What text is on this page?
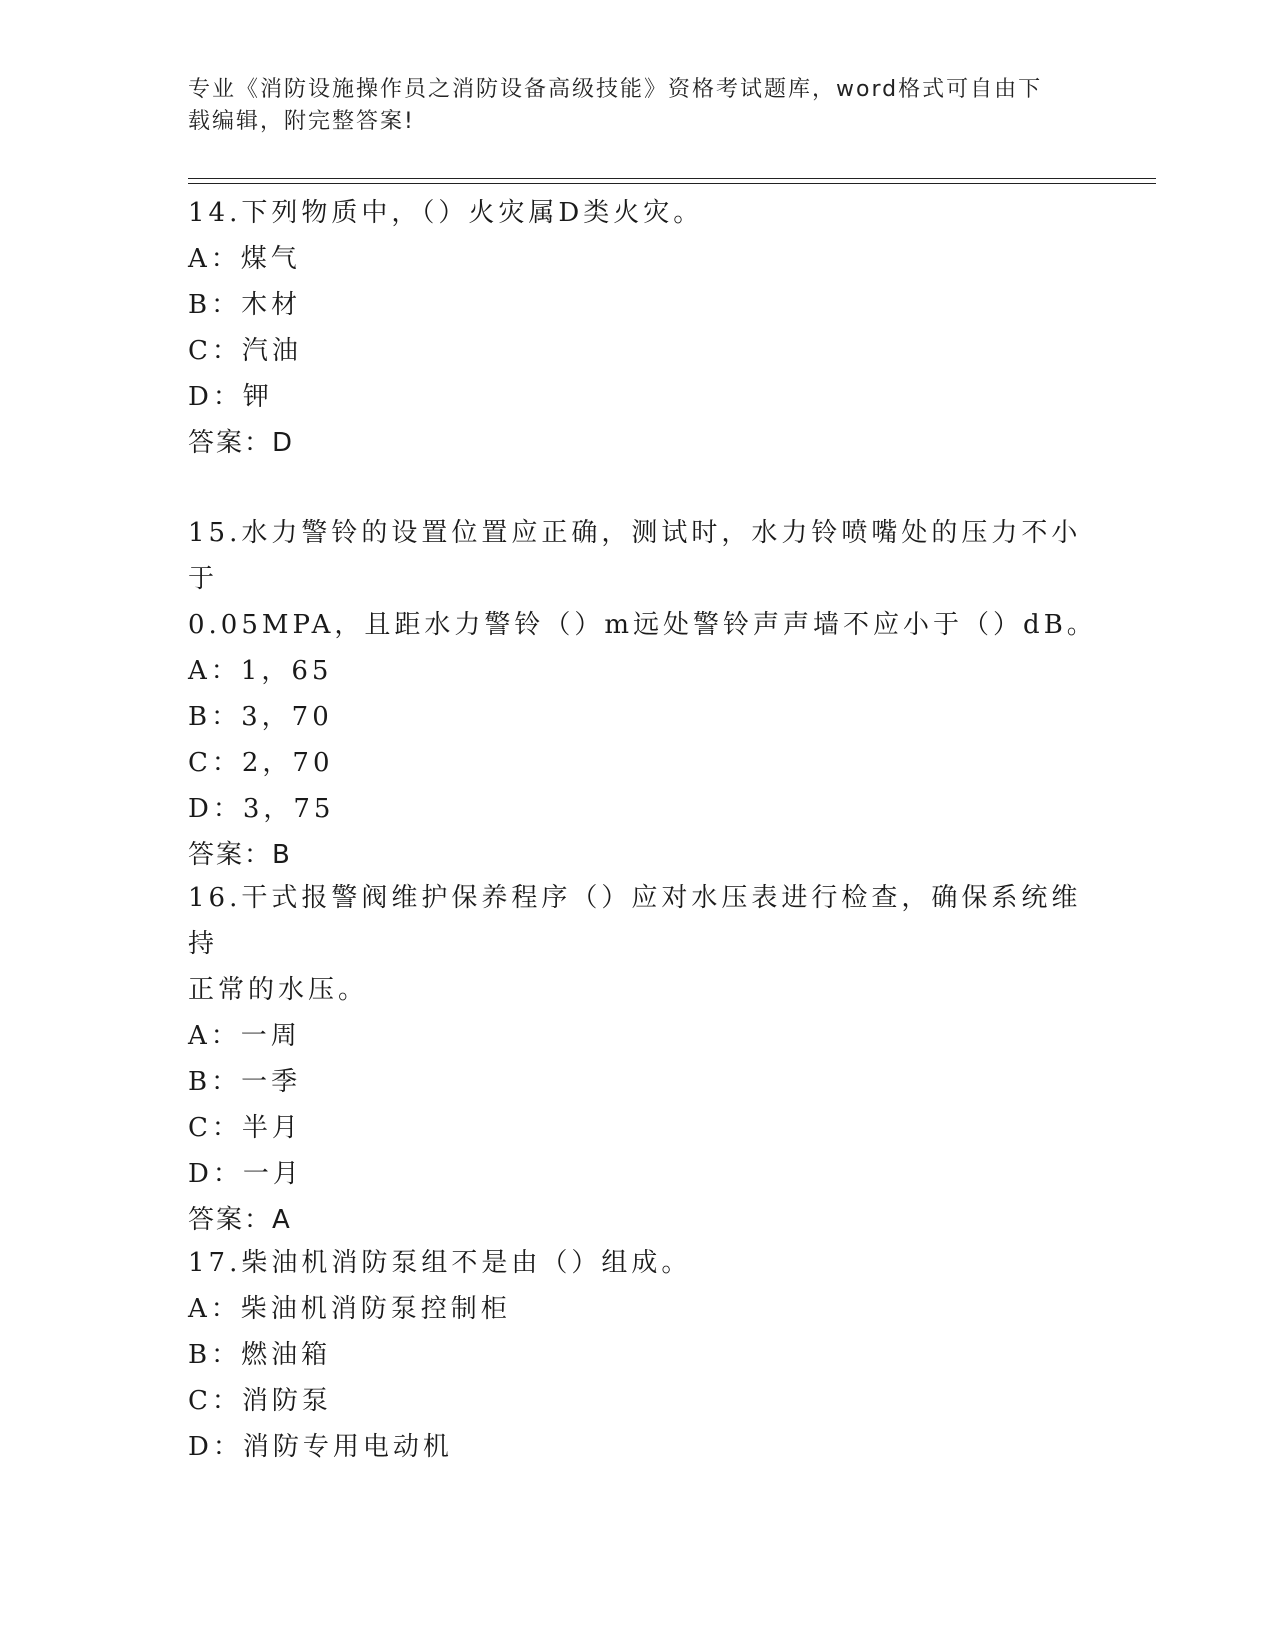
专业《消防设施操作员之消防设备高级技能》资格考试题库，word格式可自由下
载编辑，附完整答案!

14.下列物质中，（）火灾属D类火灾。

A：煤气

B：木材

C：汽油

D：钾

答案：D

15.水力警铃的设置位置应正确，测试时，水力铃喷嘴处的压力不小于

0.05MPA，且距水力警铃（）m远处警铃声声墙不应小于（）dB。

A：1，65

B：3，70

C：2，70

D：3，75

答案：B

16.干式报警阀维护保养程序（）应对水压表进行检查，确保系统维持

正常的水压。

A：一周

B：一季

C：半月

D：一月

答案：A

17.柴油机消防泵组不是由（）组成。

A：柴油机消防泵控制柜

B：燃油箱

C：消防泵

D：消防专用电动机
